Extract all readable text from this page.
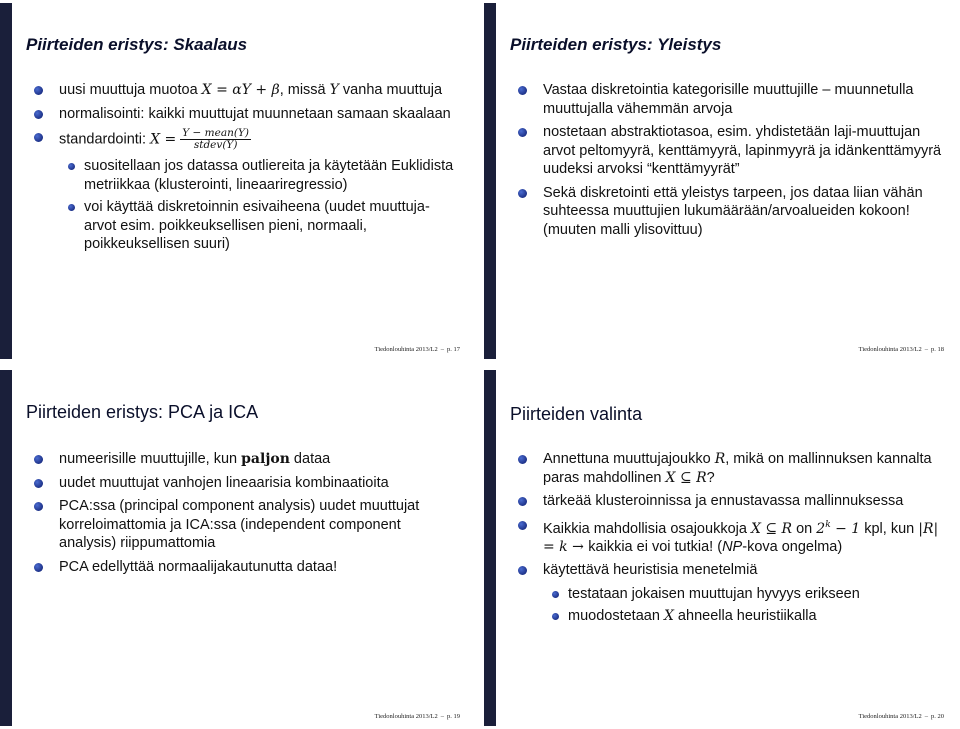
Piirteiden eristys: Skaalaus
uusi muuttuja muotoa X = αY + β, missä Y vanha muuttuja
normalisointi: kaikki muuttujat muunnetaan samaan skaalaan
standardointi: $X = \frac{\text{Y − mean(Y)}}{\text{stdev(Y)}}$
suositellaan jos datassa outliereita ja käytetään Euklidista metriikkaa (klusterointi, lineaariregressio)
voi käyttää diskretoinnin esivaiheena (uudet muuttuja-arvot esim. poikkeuksellisen pieni, normaali, poikkeuksellisen suuri)
Tiedonlouhinta 2013/L2 – p. 17
Piirteiden eristys: Yleistys
Vastaa diskretointia kategorisille muuttujille – muunnetulla muuttujalla vähemmän arvoja
nostetaan abstraktiotasoa, esim. yhdistetään laji-muuttujan arvot peltomyyrä, kenttämyyrä, lapinmyyrä ja idänkenttämyyrä uudeksi arvoksi “kenttämyyrät”
Sekä diskretointi että yleistys tarpeen, jos dataa liian vähän suhteessa muuttujien lukumäärään/arvoalueiden kokoon! (muuten malli ylisovittuu)
Tiedonlouhinta 2013/L2 – p. 18
Piirteiden eristys: PCA ja ICA
numeerisille muuttujille, kun paljon dataa
uudet muuttujat vanhojen lineaarisia kombinaatioita
PCA:ssa (principal component analysis) uudet muuttujat korreloimattomia ja ICA:ssa (independent component analysis) riippumattomia
PCA edellyttää normaalijakautunutta dataa!
Tiedonlouhinta 2013/L2 – p. 19
Piirteiden valinta
Annettuna muuttujajoukko R, mikä on mallinnuksen kannalta paras mahdollinen X ⊆ R?
tärkeää klusteroinnissa ja ennustavassa mallinnuksessa
Kaikkia mahdollisia osajoukkoja X ⊆ R on $2^k - 1$ kpl, kun |R| = k → kaikkia ei voi tutkia! (NP-kova ongelma)
käytettävä heuristisia menetelmiä
testataan jokaisen muuttujan hyvyys erikseen
muodostetaan X ahneella heuristiikalla
Tiedonlouhinta 2013/L2 – p. 20
